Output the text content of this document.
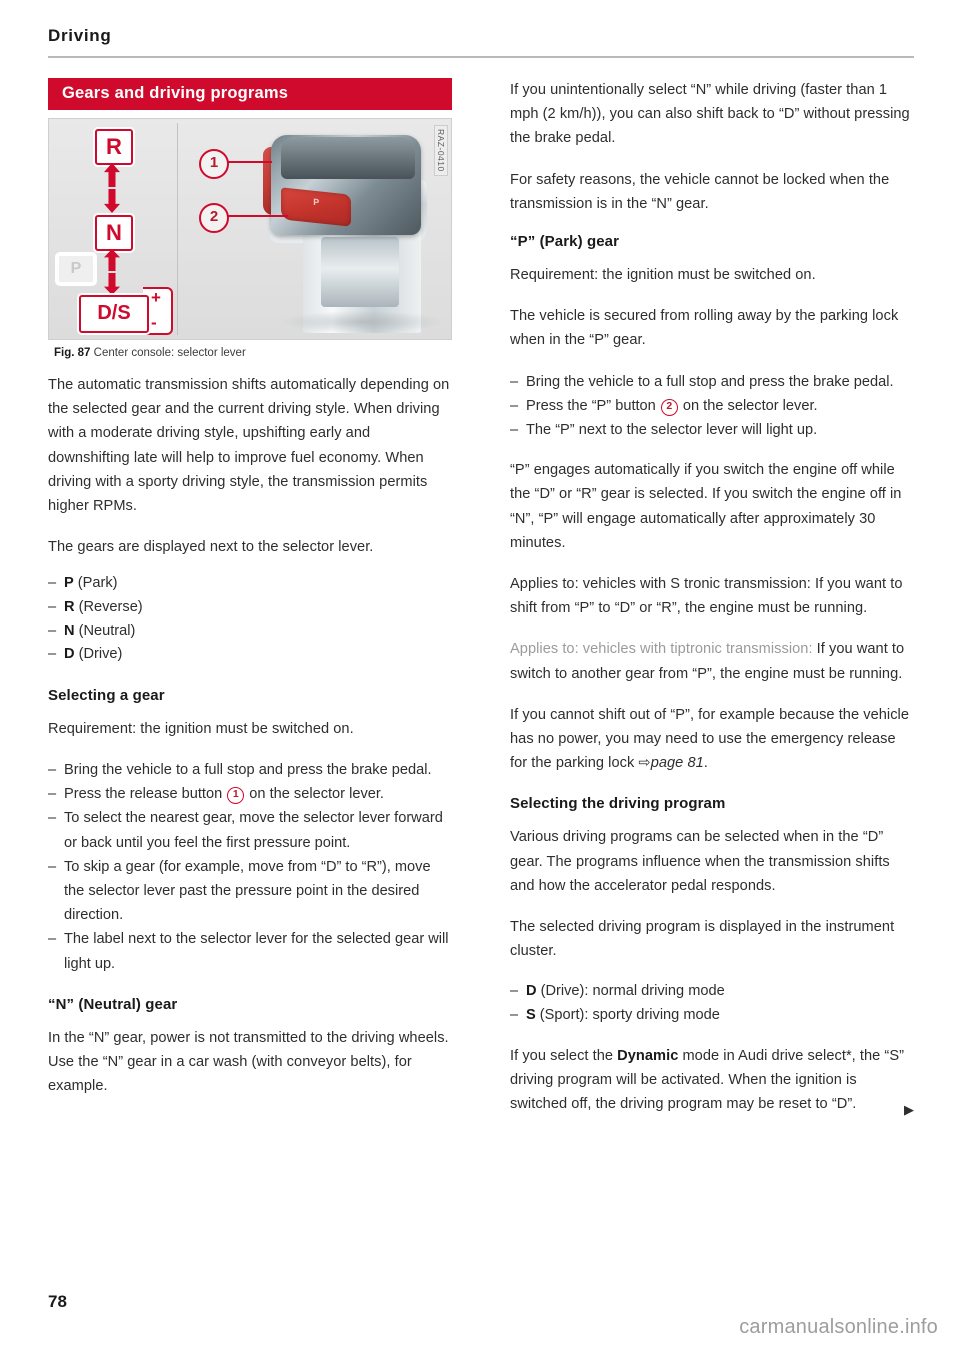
Driving
Gears and driving programs
R
N
P
+
-
D/S
P
1
2
RAZ-0410
Fig. 87 Center console: selector lever

The automatic transmission shifts automatically depending on the selected gear and the current driving style. When driving with a moderate driving style, upshifting early and downshifting late will help to improve fuel economy. When driving with a sporty driving style, the transmission permits higher RPMs.

The gears are displayed next to the selector lever.

– P (Park)
– R (Reverse)
– N (Neutral)
– D (Drive)
Selecting a gear

Requirement: the ignition must be switched on.

– Bring the vehicle to a full stop and press the brake pedal.
– Press the release button 1 on the selector lever.
– To select the nearest gear, move the selector lever forward or back until you feel the first pressure point.
– To skip a gear (for example, move from “D” to “R”), move the selector lever past the pressure point in the desired direction.
– The label next to the selector lever for the selected gear will light up.
“N” (Neutral) gear

In the “N” gear, power is not transmitted to the driving wheels. Use the “N” gear in a car wash (with conveyor belts), for example.

If you unintentionally select “N” while driving (faster than 1 mph (2 km/h)), you can also shift back to “D” without pressing the brake pedal.

For safety reasons, the vehicle cannot be locked when the transmission is in the “N” gear.

“P” (Park) gear

Requirement: the ignition must be switched on.

The vehicle is secured from rolling away by the parking lock when in the “P” gear.

– Bring the vehicle to a full stop and press the brake pedal.
– Press the “P” button 2 on the selector lever.
– The “P” next to the selector lever will light up.

“P” engages automatically if you switch the engine off while the “D” or “R” gear is selected. If you switch the engine off in “N”, “P” will engage automatically after approximately 30 minutes.

Applies to: vehicles with S tronic transmission: If you want to shift from “P” to “D” or “R”, the engine must be running.

Applies to: vehicles with tiptronic transmission: If you want to switch to another gear from “P”, the engine must be running.

If you cannot shift out of “P”, for example because the vehicle has no power, you may need to use the emergency release for the parking lock ⇨page 81.

Selecting the driving program

Various driving programs can be selected when in the “D” gear. The programs influence when the transmission shifts and how the accelerator pedal responds.

The selected driving program is displayed in the instrument cluster.

– D (Drive): normal driving mode
– S (Sport): sporty driving mode

If you select the Dynamic mode in Audi drive select*, the “S” driving program will be activated. When the ignition is switched off, the driving program may be reset to “D”.	▶
78
carmanualsonline.info
